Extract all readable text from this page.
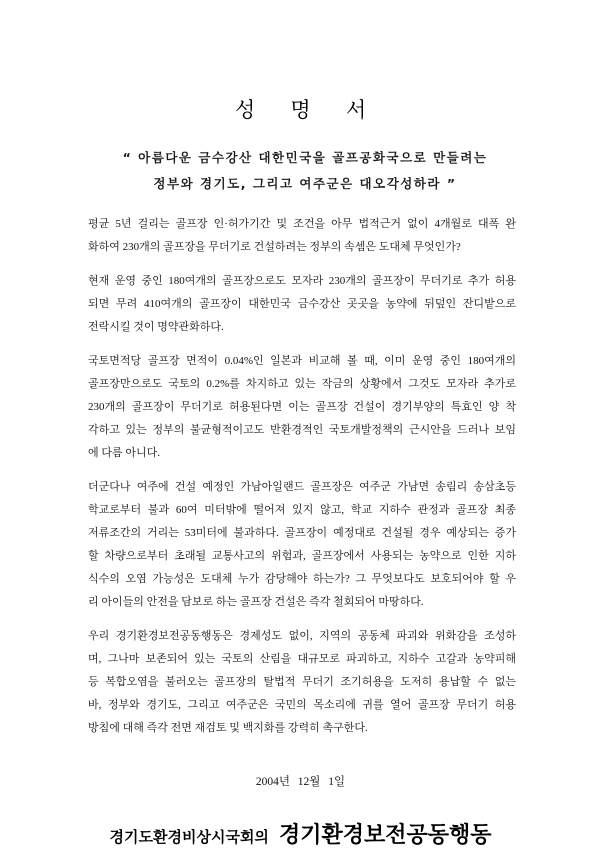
성 명 서
“ 아름다운 금수강산 대한민국을 골프공화국으로 만들려는
정부와 경기도, 그리고 여주군은 대오각성하라 ”
평균 5년 걸리는 골프장 인·허가기간 및 조건을 아무 법적근거 없이 4개월로 대폭 완
화하여 230개의 골프장을 무더기로 건설하려는 정부의 속셈은 도대체 무엇인가?
현재 운영 중인 180여개의 골프장으로도 모자라 230개의 골프장이 무더기로 추가 허용
되면 무려 410여개의 골프장이 대한민국 금수강산 곳곳을 농약에 뒤덮인 잔디밭으로
전락시킬 것이 명약관화하다.
국토면적당 골프장 면적이 0.04%인 일본과 비교해 볼 때, 이미 운영 중인 180여개의
골프장만으로도 국토의 0.2%를 차지하고 있는 작금의 상황에서 그것도 모자라 추가로
230개의 골프장이 무더기로 허용된다면 이는 골프장 건설이 경기부양의 특효인 양 착
각하고 있는 정부의 불균형적이고도 반환경적인 국토개발정책의 근시안을 드러나 보임
에 다름 아니다.
더군다나 여주에 건설 예정인 가남아일랜드 골프장은 여주군 가남면 송림리 송삼초등
학교로부터 불과 60여 미터밖에 떨어져 있지 않고, 학교 지하수 관정과 골프장 최종
저류조간의 거리는 53미터에 불과하다. 골프장이 예정대로 건설될 경우 예상되는 증가
할 차량으로부터 초래될 교통사고의 위험과, 골프장에서 사용되는 농약으로 인한 지하
식수의 오염 가능성은 도대체 누가 감당해야 하는가? 그 무엇보다도 보호되어야 할 우
리 아이들의 안전을 담보로 하는 골프장 건설은 즉각 철회되어 마땅하다.
우리 경기환경보전공동행동은 경제성도 없이, 지역의 공동체 파괴와 위화감을 조성하
며, 그나마 보존되어 있는 국토의 산림을 대규모로 파괴하고, 지하수 고갈과 농약피해
등 복합오염을 불러오는 골프장의 탈법적 무더기 조기허용을 도저히 용납할 수 없는
바, 정부와 경기도, 그리고 여주군은 국민의 목소리에 귀를 열어 골프장 무더기 허용
방침에 대해 즉각 전면 재검토 및 백지화를 강력히 촉구한다.
2004년 12월 1일
경기도환경비상시국회의 경기환경보전공동행동
